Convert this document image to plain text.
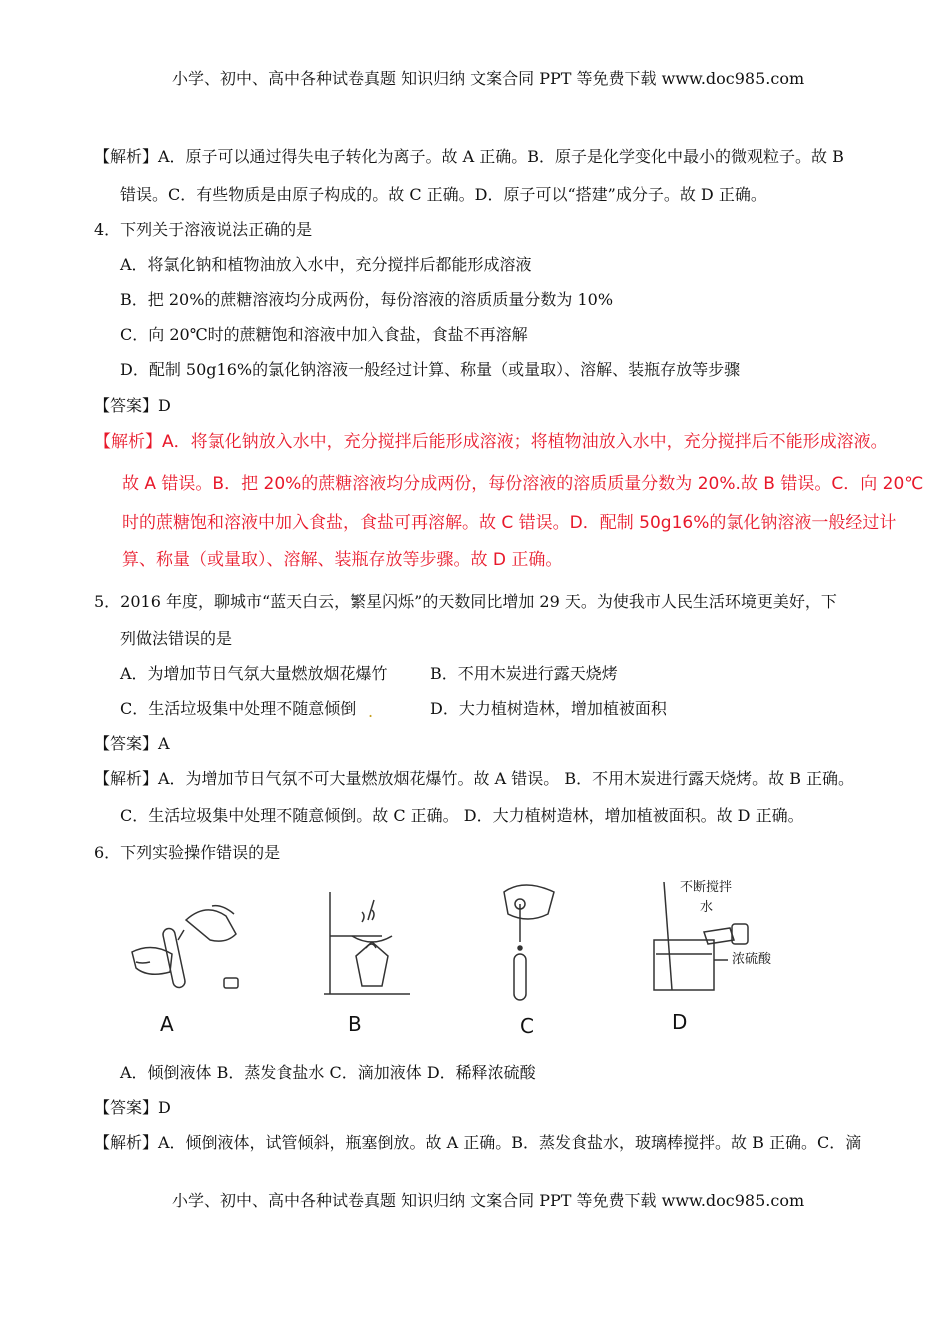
小学、初中、高中各种试卷真题 知识归纳 文案合同 PPT 等免费下载 www.doc985.com
【解析】A．原子可以通过得失电子转化为离子。故 A 正确。B．原子是化学变化中最小的微观粒子。故 B
错误。C．有些物质是由原子构成的。故 C 正确。D．原子可以“搭建”成分子。故 D 正确。
4．下列关于溶液说法正确的是
A．将氯化钠和植物油放入水中，充分搅拌后都能形成溶液
B．把 20%的蔗糖溶液均分成两份，每份溶液的溶质质量分数为 10%
C．向 20℃时的蔗糖饱和溶液中加入食盐，食盐不再溶解
D．配制 50g16%的氯化钠溶液一般经过计算、称量（或量取）、溶解、装瓶存放等步骤
【答案】D
【解析】A．将氯化钠放入水中，充分搅拌后能形成溶液；将植物油放入水中，充分搅拌后不能形成溶液。
故 A 错误。B．把 20%的蔗糖溶液均分成两份，每份溶液的溶质质量分数为 20%.故 B 错误。C．向 20℃
时的蔗糖饱和溶液中加入食盐，食盐可再溶解。故 C 错误。D．配制 50g16%的氯化钠溶液一般经过计
算、称量（或量取）、溶解、装瓶存放等步骤。故 D 正确。
5．2016 年度，聊城市“蓝天白云，繁星闪烁”的天数同比增加 29 天。为使我市人民生活环境更美好，下
列做法错误的是
A．为增加节日气氛大量燃放烟花爆竹	B．不用木炭进行露天烧烤
C．生活垃圾集中处理不随意倾倒 .	D．大力植树造林，增加植被面积
【答案】A
【解析】A．为增加节日气氛不可大量燃放烟花爆竹。故 A 错误。 B．不用木炭进行露天烧烤。故 B 正确。
C．生活垃圾集中处理不随意倾倒。故 C 正确。 D．大力植树造林，增加植被面积。故 D 正确。
6．下列实验操作错误的是
A	B	C
不断搅拌
水
浓硫酸
D
A．倾倒液体 B．蒸发食盐水 C．滴加液体 D．稀释浓硫酸
【答案】D
【解析】A．倾倒液体，试管倾斜，瓶塞倒放。故 A 正确。B．蒸发食盐水，玻璃棒搅拌。故 B 正确。C．滴
小学、初中、高中各种试卷真题 知识归纳 文案合同 PPT 等免费下载 www.doc985.com
